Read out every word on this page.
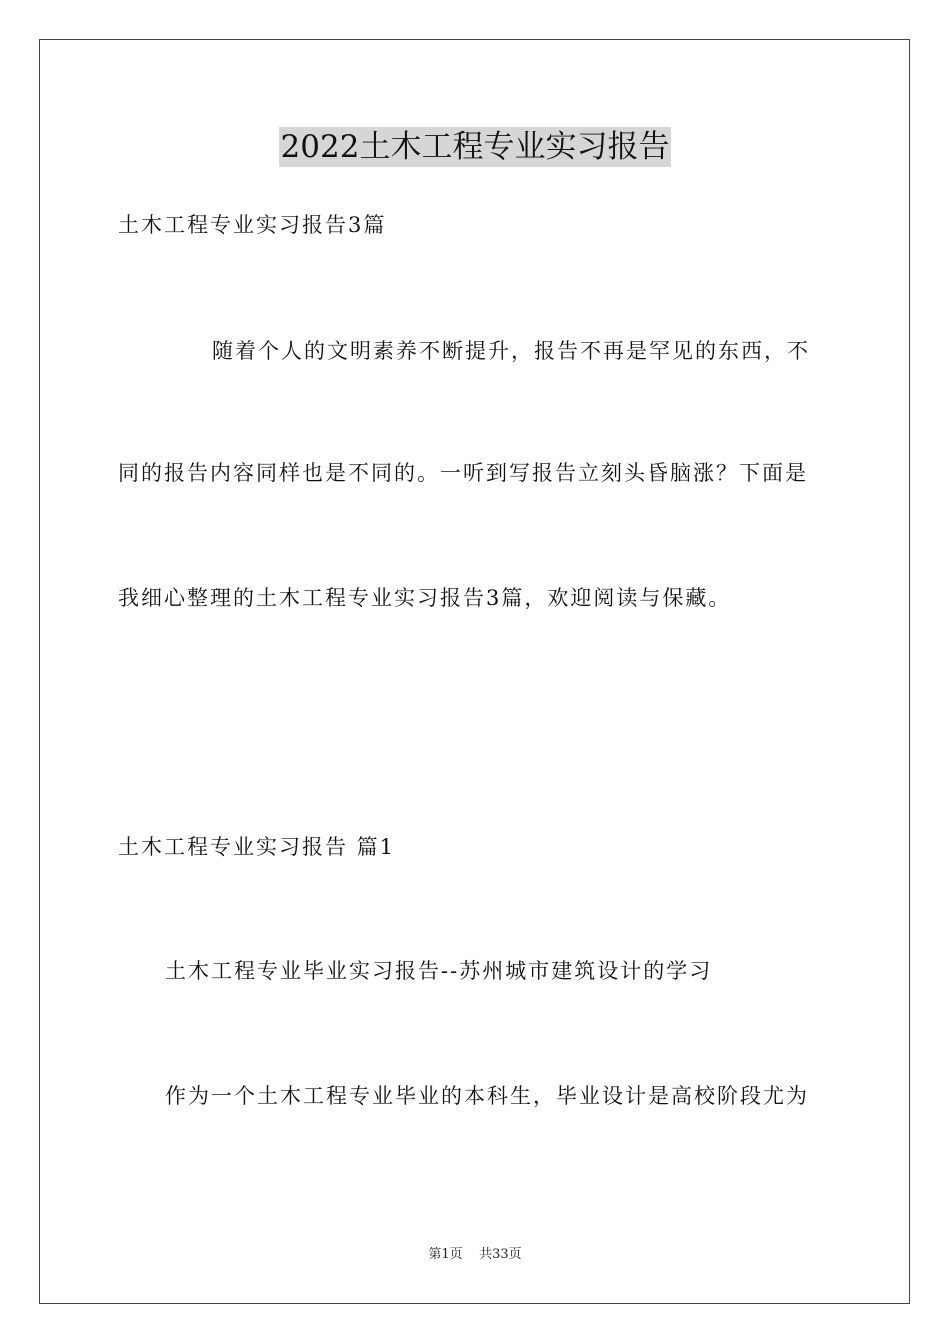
2022土木工程专业实习报告
土木工程专业实习报告3篇
随着个人的文明素养不断提升，报告不再是罕见的东西，不
同的报告内容同样也是不同的。一听到写报告立刻头昏脑涨？下面是
我细心整理的土木工程专业实习报告3篇，欢迎阅读与保藏。
土木工程专业实习报告 篇1
土木工程专业毕业实习报告--苏州城市建筑设计的学习
作为一个土木工程专业毕业的本科生，毕业设计是高校阶段尤为
第1页 共33页
